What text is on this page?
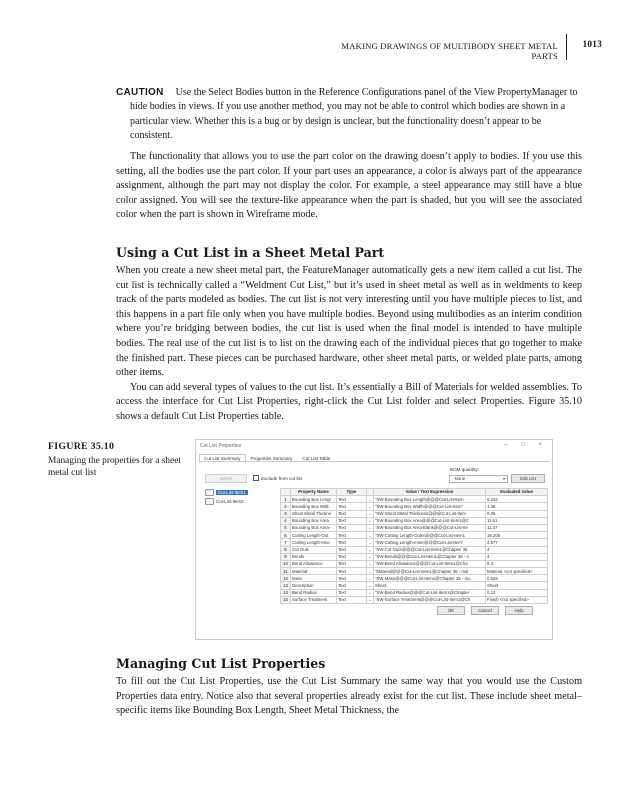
MAKING DRAWINGS OF MULTIBODY SHEET METAL PARTS
1013
CAUTION Use the Select Bodies button in the Reference Configurations panel of the View PropertyManager to hide bodies in views. If you use another method, you may not be able to control which bodies are shown in a particular view. Whether this is a bug or by design is unclear, but the functionality doesn’t appear to be consistent.

The functionality that allows you to use the part color on the drawing doesn’t apply to bodies. If you use this setting, all the bodies use the part color. If your part uses an appearance, a color is always part of the appearance assignment, although the part may not display the color. For example, a steel appearance may still have a blue color assigned. You will see the texture-like appearance when the part is shaded, but you will see the associated color when the part is shown in Wireframe mode.

Using a Cut List in a Sheet Metal Part

When you create a new sheet metal part, the FeatureManager automatically gets a new item called a cut list. The cut list is technically called a “Weldment Cut List,” but it’s used in sheet metal as well as in weldments to keep track of the parts modeled as bodies. The cut list is not very interesting until you have multiple pieces to list, and this happens in a part file only when you have multiple bodies. Beyond using multibodies as an interim condition where you’re bridging between bodies, the cut list is used when the final model is intended to have multiple bodies. The real use of the cut list is to list on the drawing each of the individual pieces that go together to make the finished part. These pieces can be purchased hardware, other sheet metal parts, or welded plate parts, among other items.

You can add several types of values to the cut list. It’s essentially a Bill of Materials for welded assemblies. To access the interface for Cut List Properties, right-click the Cut List folder and select Properties. Figure 35.10 shows a default Cut List Properties table.

FIGURE 35.10
Managing the properties for a sheet metal cut list
Cut List Properties	– □ ×
Cut List Summary	Properties Summary	Cut List Table
Delete	Exclude from cut list
BOM quantity:
- None -	▾	Edit List
Cut-List-Item1
Cut-List-Item2
	Property Name	Type		Value / Text Expression	Evaluated Value
1	Bounding Box Lengt	Text	⌄	"SW-Bounding Box Length@@@Cut-List-Item	6.242
2	Bounding Box Widt	Text	⌄	"SW-Bounding Box Width@@@Cut-List-Item"	1.36
3	Sheet Metal Thickne	Text	⌄	"SW-Sheet Metal Thickness@@@Cut-List-Item	0.06
4	Bounding Box Area	Text	⌄	"SW-Bounding Box Area@@@Cut-List-Item1@C	11.61
5	Bounding Box Area-	Text	⌄	"SW-Bounding Box Area-Blank@@@Cut-List-Ite	11.47
6	Cutting Length-Out	Text	⌄	"SW-Cutting Length-Outer@@@Cut-List-Item1	16.205
7	Cutting Length-Inne	Text	⌄	"SW-Cutting Length-Inner@@@Cut-List-Item"	2.677
8	Cut Outs	Text	⌄	"SW-Cut Outs@@@Cut-List-Item1@Chapter 35	4
9	Bends	Text	⌄	"SW-Bends@@@Cut-List-Item1@Chapter 35 - n	4
10	Bend Allowance	Text	⌄	"SW-Bend Allowance@@@Cut-List-Item1@Cha	0.3
11	Material	Text	⌄	"Material@@@Cut-List-Item1@Chapter 35 - mul	Material <not specified>
12	Mass	Text	⌄	"SW-Mass@@@Cut-List-Item1@Chapter 35 - mu	0.625
13	Description	Text	⌄	Sheet	Sheet
14	Bend Radius	Text	⌄	"SW-Bend Radius@@@Cut-List-Item1@Chapter	0.12
15	Surface Treatment	Text	⌄	"SW-Surface Treatment@@@Cut-List-Item1@Ch	Finish <not specified>
OK	Cancel	Help
Managing Cut List Properties

To fill out the Cut List Properties, use the Cut List Summary the same way that you would use the Custom Properties data entry. Notice also that several properties already exist for the cut list. These include sheet metal–specific items like Bounding Box Length, Sheet Metal Thickness, the
